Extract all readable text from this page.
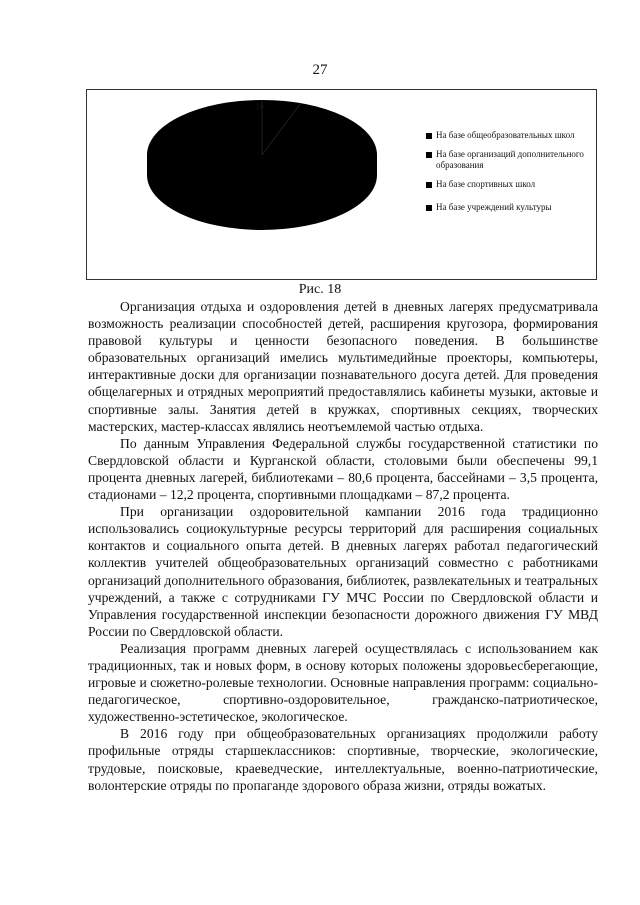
27
16
На базе общеобразовательных школ
На базе организаций дополнительного образования
На базе спортивных школ
На базе учреждений культуры
Рис. 18

Организация отдыха и оздоровления детей в дневных лагерях предусматривала возможность реализации способностей детей, расширения кругозора, формирования правовой культуры и ценности безопасного поведения. В большинстве образовательных организаций имелись мультимедийные проекторы, компьютеры, интерактивные доски для организации познавательного досуга детей. Для проведения общелагерных и отрядных мероприятий предоставлялись кабинеты музыки, актовые и спортивные залы. Занятия детей в кружках, спортивных секциях, творческих мастерских, мастер-классах являлись неотъемлемой частью отдыха.

По данным Управления Федеральной службы государственной статистики по Свердловской области и Курганской области, столовыми были обеспечены 99,1 процента дневных лагерей, библиотеками – 80,6 процента, бассейнами – 3,5 процента, стадионами – 12,2 процента, спортивными площадками – 87,2 процента.

При организации оздоровительной кампании 2016 года традиционно использовались социокультурные ресурсы территорий для расширения социальных контактов и социального опыта детей. В дневных лагерях работал педагогический коллектив учителей общеобразовательных организаций совместно с работниками организаций дополнительного образования, библиотек, развлекательных и театральных учреждений, а также с сотрудниками ГУ МЧС России по Свердловской области и Управления государственной инспекции безопасности дорожного движения ГУ МВД России по Свердловской области.

Реализация программ дневных лагерей осуществлялась с использованием как традиционных, так и новых форм, в основу которых положены здоровьесберегающие, игровые и сюжетно-ролевые технологии. Основные направления программ: социально-педагогическое, спортивно-оздоровительное, гражданско-патриотическое, художественно-эстетическое, экологическое.

В 2016 году при общеобразовательных организациях продолжили работу профильные отряды старшеклассников: спортивные, творческие, экологические, трудовые, поисковые, краеведческие, интеллектуальные, военно-патриотические, волонтерские отряды по пропаганде здорового образа жизни, отряды вожатых.
